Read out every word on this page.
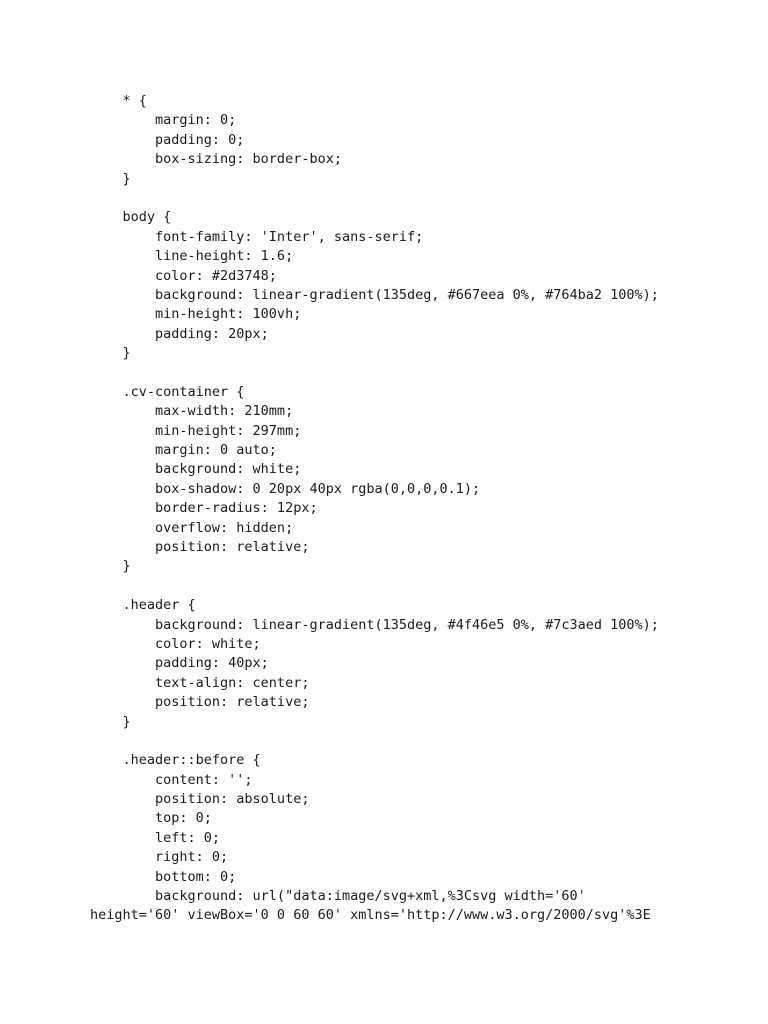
* {
margin: 0;
padding: 0;
box-sizing: border-box;
}
body {
font-family: 'Inter', sans-serif;
line-height: 1.6;
color: #2d3748;
background: linear-gradient(135deg, #667eea 0%, #764ba2 100%);
min-height: 100vh;
padding: 20px;
}
.cv-container {
max-width: 210mm;
min-height: 297mm;
margin: 0 auto;
background: white;
box-shadow: 0 20px 40px rgba(0,0,0,0.1);
border-radius: 12px;
overflow: hidden;
position: relative;
}
.header {
background: linear-gradient(135deg, #4f46e5 0%, #7c3aed 100%);
color: white;
padding: 40px;
text-align: center;
position: relative;
}
.header::before {
content: '';
position: absolute;
top: 0;
left: 0;
right: 0;
bottom: 0;
background: url("data:image/svg+xml,%3Csvg width='60'
height='60' viewBox='0 0 60 60' xmlns='http://www.w3.org/2000/svg'%3E
